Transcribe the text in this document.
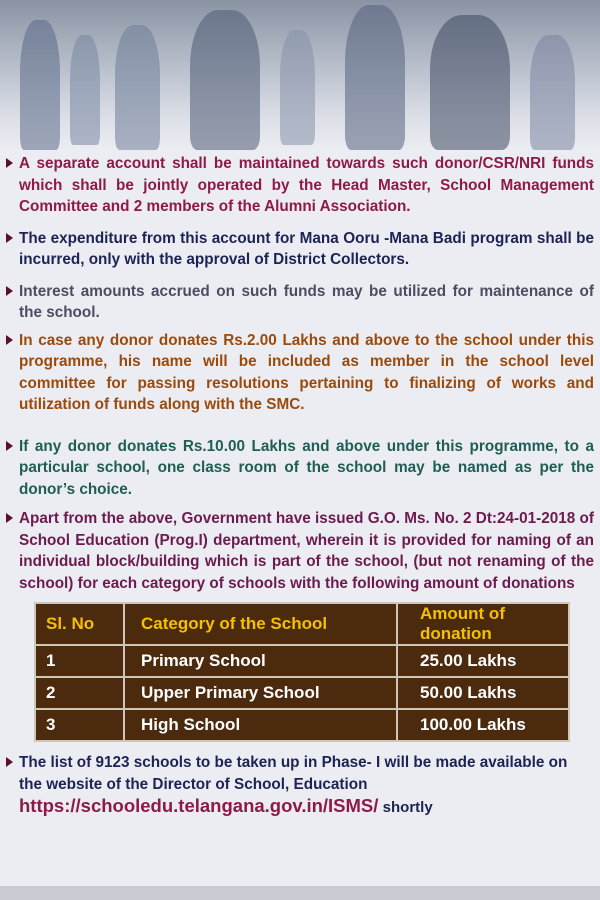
A separate account shall be maintained towards such donor/CSR/NRI funds which shall be jointly operated by the Head Master, School Management Committee and 2 members of the Alumni Association.
The expenditure from this account for Mana Ooru -Mana Badi program shall be incurred, only with the approval of District Collectors.
Interest amounts accrued on such funds may be utilized for maintenance of the school.
In case any donor donates Rs.2.00 Lakhs and above to the school under this programme, his name will be included as member in the school level committee for passing resolutions pertaining to finalizing of works and utilization of funds along with the SMC.
If any donor donates Rs.10.00 Lakhs and above under this programme, to a particular school, one class room of the school may be named as per the donor’s choice.
Apart from the above, Government have issued G.O. Ms. No. 2 Dt:24-01-2018 of School Education (Prog.I) department, wherein it is provided for naming of an individual block/building which is part of the school, (but not renaming of the school) for each category of schools with the following amount of donations
Sl. No	Category of the School	Amount of donation
1	Primary School	25.00 Lakhs
2	Upper Primary School	50.00 Lakhs
3	High School	100.00 Lakhs
The list of 9123 schools to be taken up in Phase- I will be made available on the website of the Director of School, Education
https://schooledu.telangana.gov.in/ISMS/ shortly
